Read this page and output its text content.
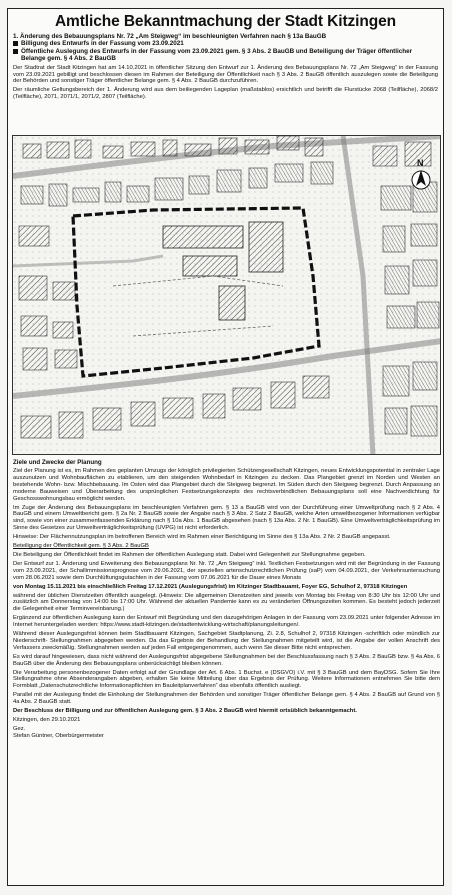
Amtliche Bekanntmachung der Stadt Kitzingen
1. Änderung des Bebauungsplans Nr. 72 „Am Steigweg“ im beschleunigten Verfahren nach § 13a BauGB
Billigung des Entwurfs in der Fassung vom 23.09.2021
Öffentliche Auslegung des Entwurfs in der Fassung vom 23.09.2021 gem. § 3 Abs. 2 BauGB und Beteiligung der Träger öffentlicher Belange gem. § 4 Abs. 2 BauGB

Der Stadtrat der Stadt Kitzingen hat am 14.10.2021 in öffentlicher Sitzung den Entwurf zur 1. Änderung des Bebauungsplans Nr. 72 „Am Steigweg“ in der Fassung vom 23.09.2021 gebilligt und beschlossen diesen im Rahmen der Beteiligung der Öffentlichkeit nach § 3 Abs. 2 BauGB öffentlich auszulegen sowie die Beteiligung der Behörden und sonstiger Träger öffentlicher Belange gem. § 4 Abs. 2 BauGB durchzuführen.

Der räumliche Geltungsbereich der 1. Änderung wird aus dem beiliegenden Lageplan (maßstablos) ersichtlich und betrifft die Flurstücke 2068 (Teilfläche), 2068/2 (Teilfläche), 2071, 2071/1, 2071/2, 2807 (Teilfläche).

N
Ziele und Zwecke der Planung

Ziel der Planung ist es, im Rahmen des geplanten Umzugs der königlich privilegierten Schützengesellschaft Kitzingen, neues Entwicklungspotential in zentraler Lage auszunutzen und Wohnbauflächen zu etablieren, um den steigenden Wohnbedarf in Kitzingen zu decken. Das Plangebiet grenzt im Norden und Westen an bestehende Wohn- bzw. Mischbebauung. Im Osten wird das Plangebiet durch die Steigweg begrenzt. Im Süden durch den Steigweg begrenzt. Durch Anpassung an moderne Bauweisen und Überarbeitung des ursprünglichen Festsetzungskonzepts des rechtsverbindlichen Bebauungsplans soll eine Nachverdichtung für Geschosswohnungsbau ermöglicht werden.

Im Zuge der Änderung des Bebauungsplans im beschleunigten Verfahren gem. § 13 a BauGB wird von der Durchführung einer Umweltprüfung nach § 2 Abs. 4 BauGB und einem Umweltbericht gem. § 2a Nr. 2 BauGB sowie der Angabe nach § 3 Abs. 2 Satz 2 BauGB, welche Arten umweltbezogener Informationen verfügbar sind, sowie von einer zusammenfassenden Erklärung nach § 10a Abs. 1 BauGB abgesehen (nach § 13a Abs. 2 Nr. 1 BauGB). Eine Umweltverträglichkeitsprüfung im Sinne des Gesetzes zur Umweltverträglichkeitsprüfung (UVPG) ist nicht erforderlich.

Hinweise: Der Flächennutzungsplan im betroffenen Bereich wird im Rahmen einer Berichtigung im Sinne des § 13a Abs. 2 Nr. 2 BauGB angepasst.

Beteiligung der Öffentlichkeit gem. § 3 Abs. 2 BauGB

Die Beteiligung der Öffentlichkeit findet im Rahmen der öffentlichen Auslegung statt. Dabei wird Gelegenheit zur Stellungnahme gegeben.

Der Entwurf zur 1. Änderung und Erweiterung des Bebauungsplans Nr. Nr. 72 „Am Steigweg“ inkl. Textlichen Festsetzungen wird mit der Begründung in der Fassung vom 23.09.2021, der Schallimmissionsprognose vom 29.06.2021, der speziellen artenschutzrechtlichen Prüfung (saP) vom 04.09.2021, der Verkehrsuntersuchung vom 28.06.2021 sowie dem Durchlüftungsgutachten in der Fassung vom 07.06.2021 für die Dauer eines Monats

von Montag 15.11.2021 bis einschließlich Freitag 17.12.2021 (Auslegungsfrist) im Kitzinger Stadtbauamt, Foyer EG, Schulhof 2, 97318 Kitzingen

während der üblichen Dienstzeiten öffentlich ausgelegt. (Hinweis: Die allgemeinen Dienstzeiten sind jeweils von Montag bis Freitag von 8:30 Uhr bis 12:00 Uhr und zusätzlich am Donnerstag von 14:00 bis 17:00 Uhr. Während der aktuellen Pandemie kann es zu veränderten Öffnungszeiten kommen. Es besteht jedoch jederzeit die Gelegenheit einer Terminvereinbarung.)

Ergänzend zur öffentlichen Auslegung kann der Entwurf mit Begründung und den dazugehörigen Anlagen in der Fassung vom 23.09.2021 unter folgender Adresse im Internet heruntergeladen werden: https://www.stadt-kitzingen.de/stadtentwicklung-wirtschaft/planungsleitungen/.

Während dieser Auslegungsfrist können beim Stadtbauamt Kitzingen, Sachgebiet Stadtplanung, Zi. 2.8, Schulhof 2, 97318 Kitzingen -schriftlich oder mündlich zur Niederschrift- Stellungnahmen abgegeben werden. Da das Ergebnis der Behandlung der Stellungnahmen mitgeteilt wird, ist die Angabe der vollen Anschrift des Verfassers zweckmäßig. Stellungnahmen werden auf jeden Fall entgegengenommen, auch wenn Sie dieser Bitte nicht entsprechen.

Es wird darauf hingewiesen, dass nicht während der Auslegungsfrist abgegebene Stellungnahmen bei der Beschlussfassung nach § 3 Abs. 2 BauGB bzw. § 4a Abs. 6 BauGB über die Änderung des Bebauungsplans unberücksichtigt bleiben können.

Die Verarbeitung personenbezogener Daten erfolgt auf der Grundlage der Art. 6 Abs. 1 Buchst. e (DSGVO) i.V. mit § 3 BauGB und dem BayDSG. Sofern Sie Ihre Stellungnahme ohne Absenderangaben abgeben, erhalten Sie keine Mitteilung über das Ergebnis der Prüfung. Weitere Informationen entnehmen Sie bitte dem Formblatt „Datenschutzrechtliche Informationspflichten im Bauleitplanverfahren“ das ebenfalls öffentlich ausliegt.

Parallel mit der Auslegung findet die Einholung der Stellungnahmen der Behörden und sonstiger Träger öffentlicher Belange gem. § 4 Abs. 2 BauGB auf Grund von § 4a Abs. 2 BauGB statt.

Der Beschluss der Billigung und zur öffentlichen Auslegung gem. § 3 Abs. 2 BauGB wird hiermit ortsüblich bekanntgemacht.

Kitzingen, den 29.10.2021
Gez.
Stefan Güntner, Oberbürgermeister
